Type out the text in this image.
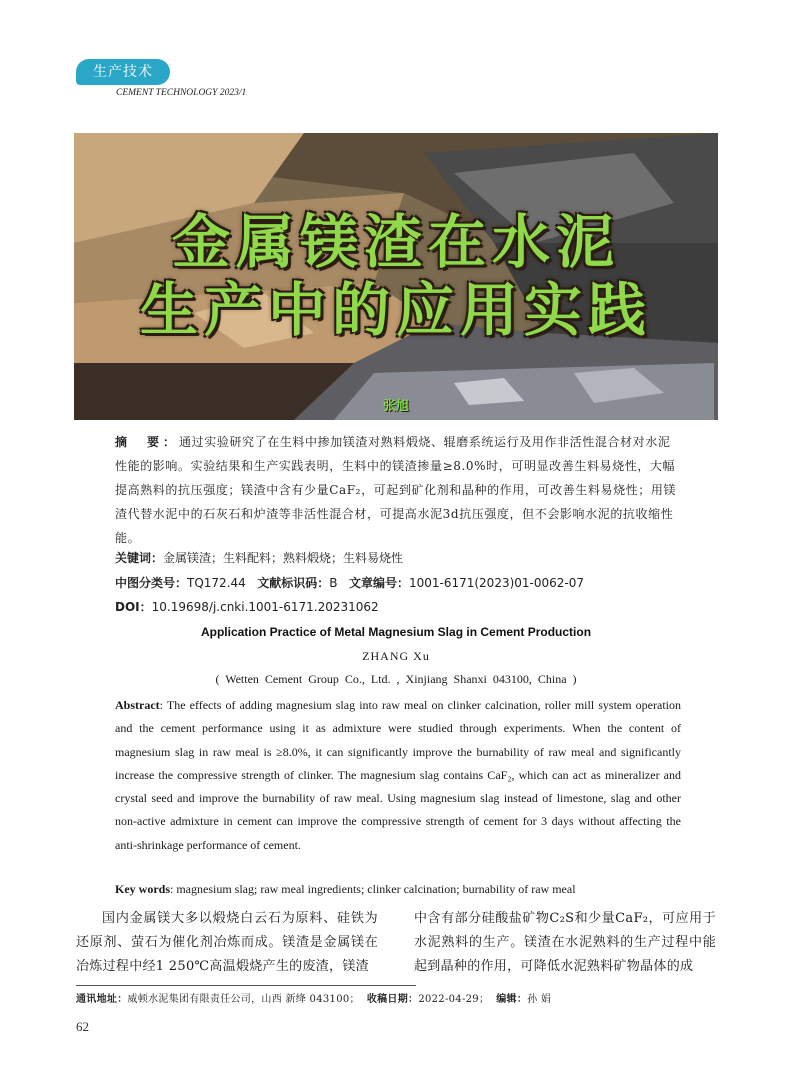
生产技术
CEMENT TECHNOLOGY 2023/1
金属镁渣在水泥
生产中的应用实践
张旭
摘　要：通过实验研究了在生料中掺加镁渣对熟料煅烧、辊磨系统运行及用作非活性混合材对水泥性能的影响。实验结果和生产实践表明，生料中的镁渣掺量≥8.0%时，可明显改善生料易烧性，大幅提高熟料的抗压强度；镁渣中含有少量CaF₂，可起到矿化剂和晶种的作用，可改善生料易烧性；用镁渣代替水泥中的石灰石和炉渣等非活性混合材，可提高水泥3d抗压强度，但不会影响水泥的抗收缩性能。
关键词：金属镁渣；生料配料；熟料煅烧；生料易烧性
中图分类号：TQ172.44 文献标识码：B 文章编号：1001-6171(2023)01-0062-07
DOI：10.19698/j.cnki.1001-6171.20231062
Application Practice of Metal Magnesium Slag in Cement Production
ZHANG Xu
( Wetten Cement Group Co., Ltd. , Xinjiang Shanxi 043100, China )
Abstract: The effects of adding magnesium slag into raw meal on clinker calcination, roller mill system operation and the cement performance using it as admixture were studied through experiments. When the content of magnesium slag in raw meal is ≥8.0%, it can significantly improve the burnability of raw meal and significantly increase the compressive strength of clinker. The magnesium slag contains CaF₂, which can act as mineralizer and crystal seed and improve the burnability of raw meal. Using magnesium slag instead of limestone, slag and other non-active admixture in cement can improve the compressive strength of cement for 3 days without affecting the anti-shrinkage performance of cement.
Key words: magnesium slag; raw meal ingredients; clinker calcination; burnability of raw meal
国内金属镁大多以煅烧白云石为原料、硅铁为还原剂、萤石为催化剂冶炼而成。镁渣是金属镁在冶炼过程中经1 250℃高温煅烧产生的废渣，镁渣
中含有部分硅酸盐矿物C₂S和少量CaF₂，可应用于水泥熟料的生产。镁渣在水泥熟料的生产过程中能起到晶种的作用，可降低水泥熟料矿物晶体的成
通讯地址：威顿水泥集团有限责任公司，山西 新绛 043100； 收稿日期：2022-04-29； 编辑：孙 娟
62
